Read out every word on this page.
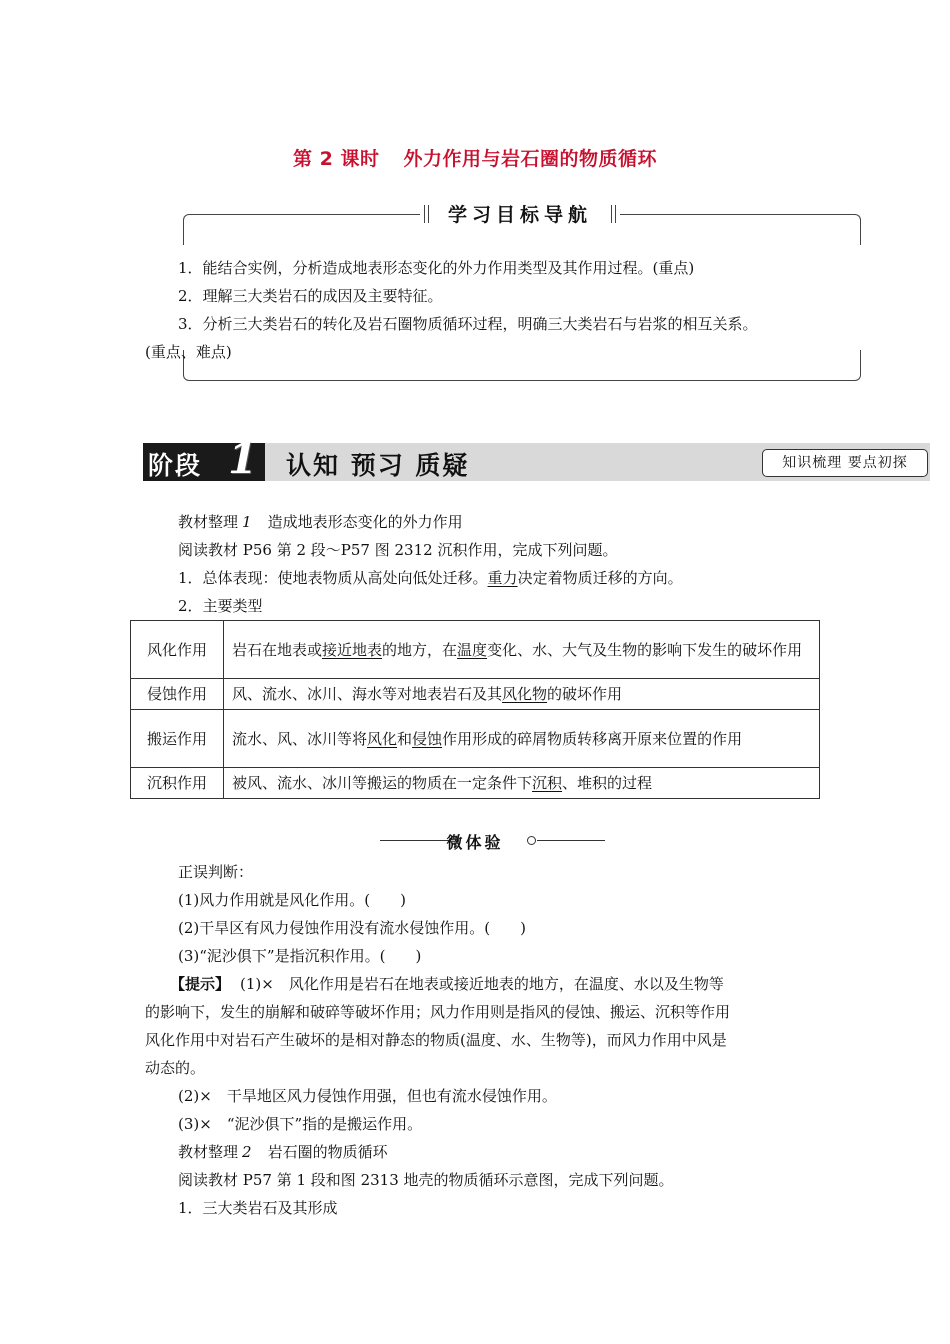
第 2 课时 外力作用与岩石圈的物质循环
学习目标导航
1．能结合实例，分析造成地表形态变化的外力作用类型及其作用过程。(重点)
2．理解三大类岩石的成因及主要特征。
3．分析三大类岩石的转化及岩石圈物质循环过程，明确三大类岩石与岩浆的相互关系。
(重点、难点)
阶段 1 认知 预习 质疑	知识梳理 要点初探
教材整理 1 造成地表形态变化的外力作用
阅读教材 P56 第 2 段～P57 图 2312 沉积作用，完成下列问题。
1．总体表现：使地表物质从高处向低处迁移。重力决定着物质迁移的方向。
2．主要类型
风化作用	岩石在地表或接近地表的地方，在温度变化、水、大气及生物的影响下发生的破坏作用
侵蚀作用	风、流水、冰川、海水等对地表岩石及其风化物的破坏作用
搬运作用	流水、风、冰川等将风化和侵蚀作用形成的碎屑物质转移离开原来位置的作用
沉积作用	被风、流水、冰川等搬运的物质在一定条件下沉积、堆积的过程
微体验
正误判断：
(1)风力作用就是风化作用。(　　)
(2)干旱区有风力侵蚀作用没有流水侵蚀作用。(　　)
(3)“泥沙俱下”是指沉积作用。(　　)
【提示】 (1)×　风化作用是岩石在地表或接近地表的地方，在温度、水以及生物等
的影响下，发生的崩解和破碎等破坏作用；风力作用则是指风的侵蚀、搬运、沉积等作用
风化作用中对岩石产生破坏的是相对静态的物质(温度、水、生物等)，而风力作用中风是
动态的。
(2)×　干旱地区风力侵蚀作用强，但也有流水侵蚀作用。
(3)×　“泥沙俱下”指的是搬运作用。
教材整理 2 岩石圈的物质循环
阅读教材 P57 第 1 段和图 2313 地壳的物质循环示意图，完成下列问题。
1．三大类岩石及其形成
